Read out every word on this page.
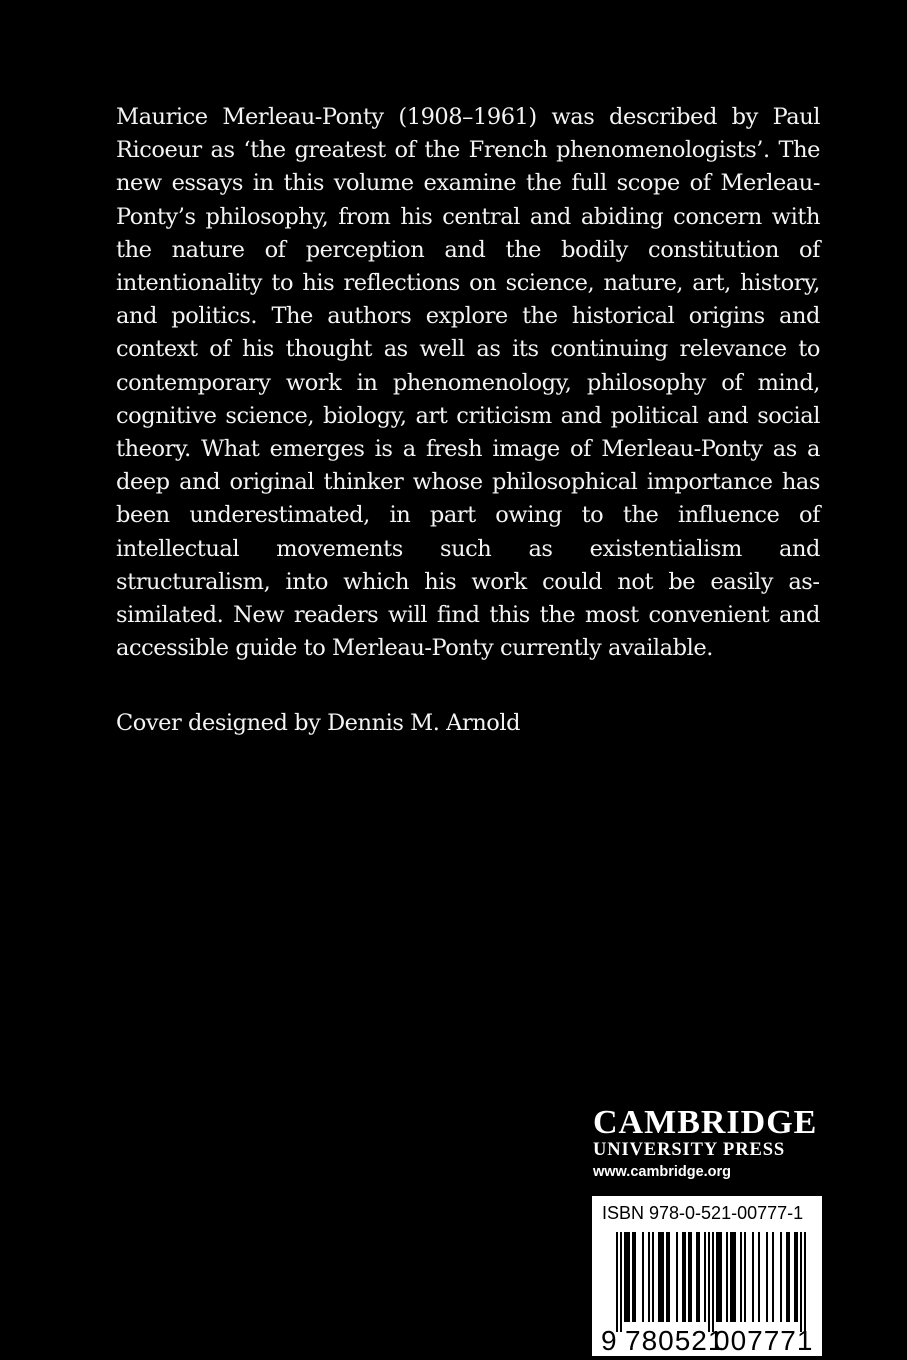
Maurice Merleau-Ponty (1908–1961) was described by Paul Ricoeur as ‘the greatest of the French phenomenologists’. The new essays in this volume examine the full scope of Merleau-Ponty’s philosophy, from his central and abiding concern with the nature of perception and the bodily constitution of intentionality to his reflections on science, nature, art, history, and politics. The authors explore the historical origins and context of his thought as well as its continuing relevance to contemporary work in phenomenology, philosophy of mind, cognitive science, biology, art criticism and political and social theory. What emerges is a fresh image of Merleau-Ponty as a deep and original thinker whose philosophical importance has been underestimated, in part owing to the influence of intellectual movements such as existentialism and structuralism, into which his work could not be easily assimilated. New readers will find this the most convenient and accessible guide to Merleau-Ponty currently available.

Cover designed by Dennis M. Arnold

CAMBRIDGE
UNIVERSITY PRESS
www.cambridge.org
ISBN 978-0-521-00777-1
9 780521
007771
